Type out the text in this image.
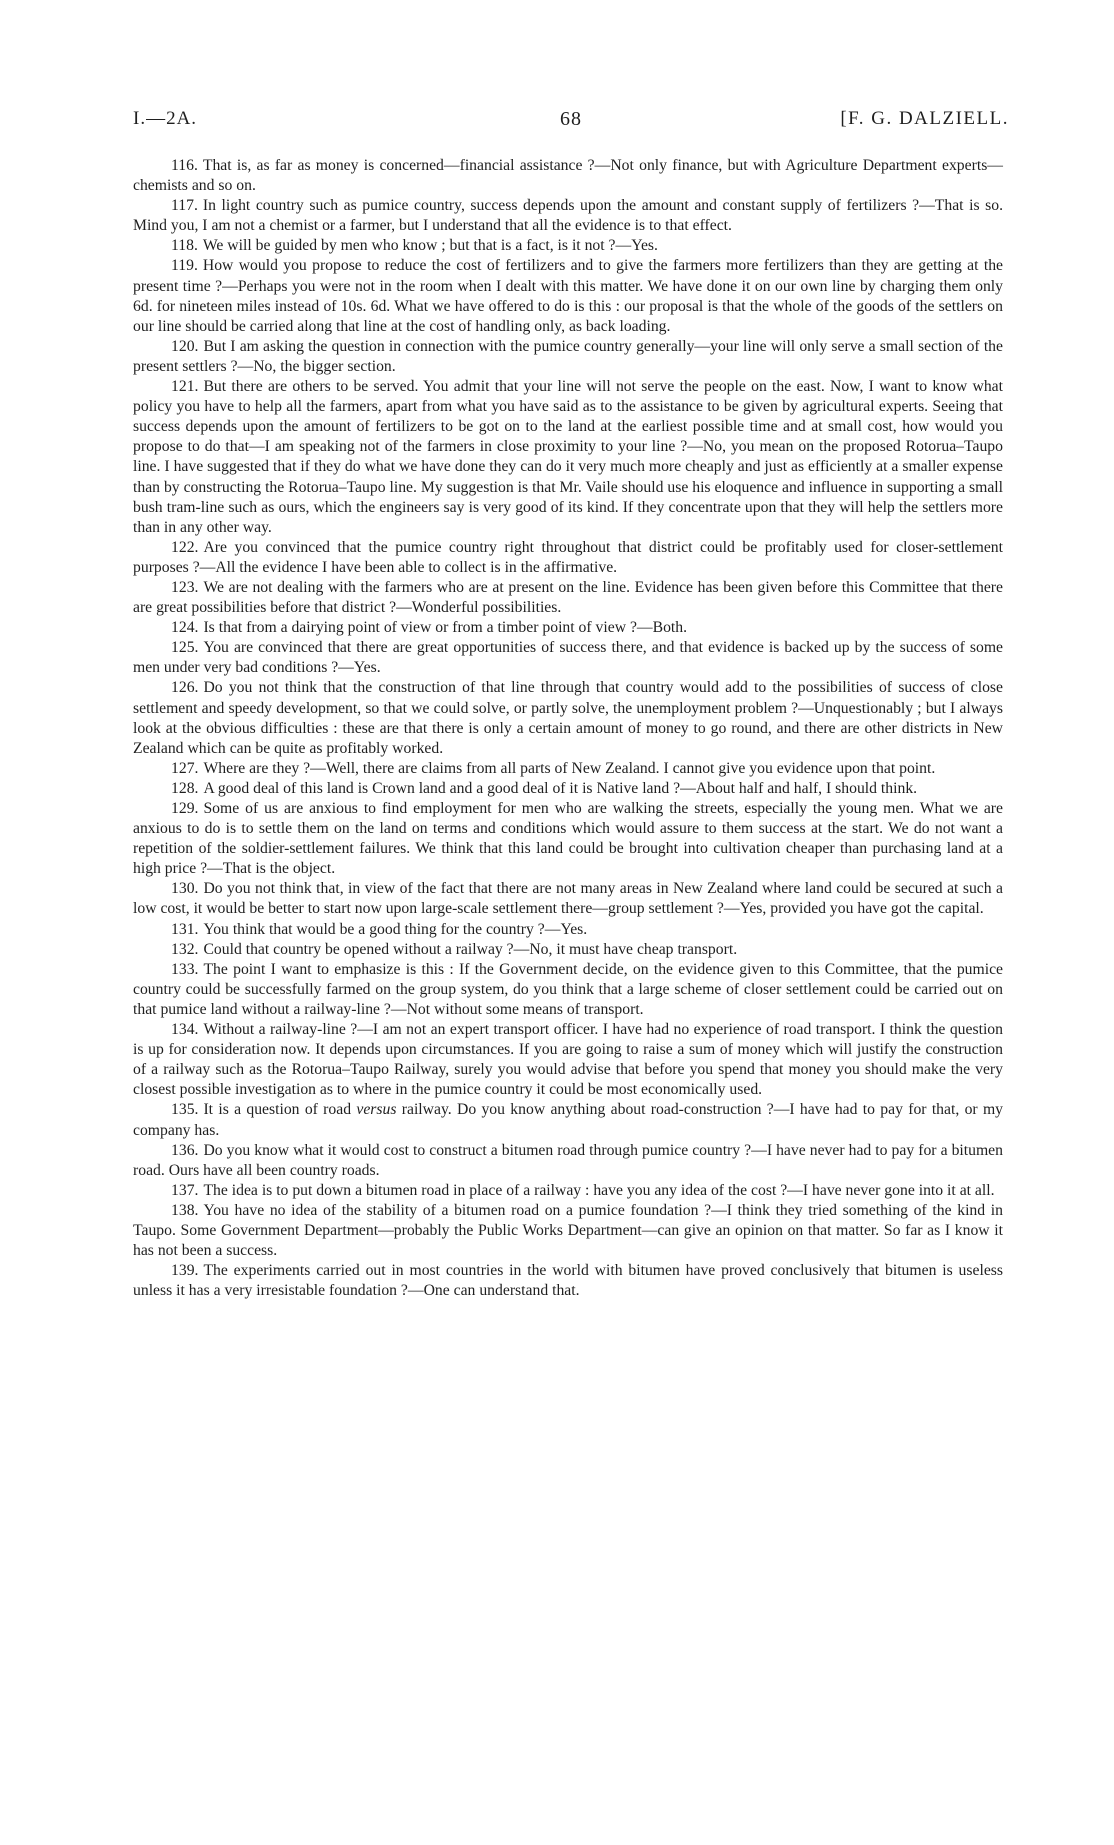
I.—2A.	68	[F. G. DALZIELL.

116. That is, as far as money is concerned—financial assistance ?—Not only finance, but with Agriculture Department experts—chemists and so on.

117. In light country such as pumice country, success depends upon the amount and constant supply of fertilizers ?—That is so. Mind you, I am not a chemist or a farmer, but I understand that all the evidence is to that effect.

118. We will be guided by men who know ; but that is a fact, is it not ?—Yes.

119. How would you propose to reduce the cost of fertilizers and to give the farmers more fertilizers than they are getting at the present time ?—Perhaps you were not in the room when I dealt with this matter. We have done it on our own line by charging them only 6d. for nineteen miles instead of 10s. 6d. What we have offered to do is this : our proposal is that the whole of the goods of the settlers on our line should be carried along that line at the cost of handling only, as back loading.

120. But I am asking the question in connection with the pumice country generally—your line will only serve a small section of the present settlers ?—No, the bigger section.

121. But there are others to be served. You admit that your line will not serve the people on the east. Now, I want to know what policy you have to help all the farmers, apart from what you have said as to the assistance to be given by agricultural experts. Seeing that success depends upon the amount of fertilizers to be got on to the land at the earliest possible time and at small cost, how would you propose to do that—I am speaking not of the farmers in close proximity to your line ?—No, you mean on the proposed Rotorua–Taupo line. I have suggested that if they do what we have done they can do it very much more cheaply and just as efficiently at a smaller expense than by constructing the Rotorua–Taupo line. My suggestion is that Mr. Vaile should use his eloquence and influence in supporting a small bush tram-line such as ours, which the engineers say is very good of its kind. If they concentrate upon that they will help the settlers more than in any other way.

122. Are you convinced that the pumice country right throughout that district could be profitably used for closer-settlement purposes ?—All the evidence I have been able to collect is in the affirmative.

123. We are not dealing with the farmers who are at present on the line. Evidence has been given before this Committee that there are great possibilities before that district ?—Wonderful possibilities.

124. Is that from a dairying point of view or from a timber point of view ?—Both.

125. You are convinced that there are great opportunities of success there, and that evidence is backed up by the success of some men under very bad conditions ?—Yes.

126. Do you not think that the construction of that line through that country would add to the possibilities of success of close settlement and speedy development, so that we could solve, or partly solve, the unemployment problem ?—Unquestionably ; but I always look at the obvious difficulties : these are that there is only a certain amount of money to go round, and there are other districts in New Zealand which can be quite as profitably worked.

127. Where are they ?—Well, there are claims from all parts of New Zealand. I cannot give you evidence upon that point.

128. A good deal of this land is Crown land and a good deal of it is Native land ?—About half and half, I should think.

129. Some of us are anxious to find employment for men who are walking the streets, especially the young men. What we are anxious to do is to settle them on the land on terms and conditions which would assure to them success at the start. We do not want a repetition of the soldier-settlement failures. We think that this land could be brought into cultivation cheaper than purchasing land at a high price ?—That is the object.

130. Do you not think that, in view of the fact that there are not many areas in New Zealand where land could be secured at such a low cost, it would be better to start now upon large-scale settlement there—group settlement ?—Yes, provided you have got the capital.

131. You think that would be a good thing for the country ?—Yes.

132. Could that country be opened without a railway ?—No, it must have cheap transport.

133. The point I want to emphasize is this : If the Government decide, on the evidence given to this Committee, that the pumice country could be successfully farmed on the group system, do you think that a large scheme of closer settlement could be carried out on that pumice land without a railway-line ?—Not without some means of transport.

134. Without a railway-line ?—I am not an expert transport officer. I have had no experience of road transport. I think the question is up for consideration now. It depends upon circumstances. If you are going to raise a sum of money which will justify the construction of a railway such as the Rotorua–Taupo Railway, surely you would advise that before you spend that money you should make the very closest possible investigation as to where in the pumice country it could be most economically used.

135. It is a question of road versus railway. Do you know anything about road-construction ?—I have had to pay for that, or my company has.

136. Do you know what it would cost to construct a bitumen road through pumice country ?—I have never had to pay for a bitumen road. Ours have all been country roads.

137. The idea is to put down a bitumen road in place of a railway : have you any idea of the cost ?—I have never gone into it at all.

138. You have no idea of the stability of a bitumen road on a pumice foundation ?—I think they tried something of the kind in Taupo. Some Government Department—probably the Public Works Department—can give an opinion on that matter. So far as I know it has not been a success.

139. The experiments carried out in most countries in the world with bitumen have proved conclusively that bitumen is useless unless it has a very irresistable foundation ?—One can understand that.
